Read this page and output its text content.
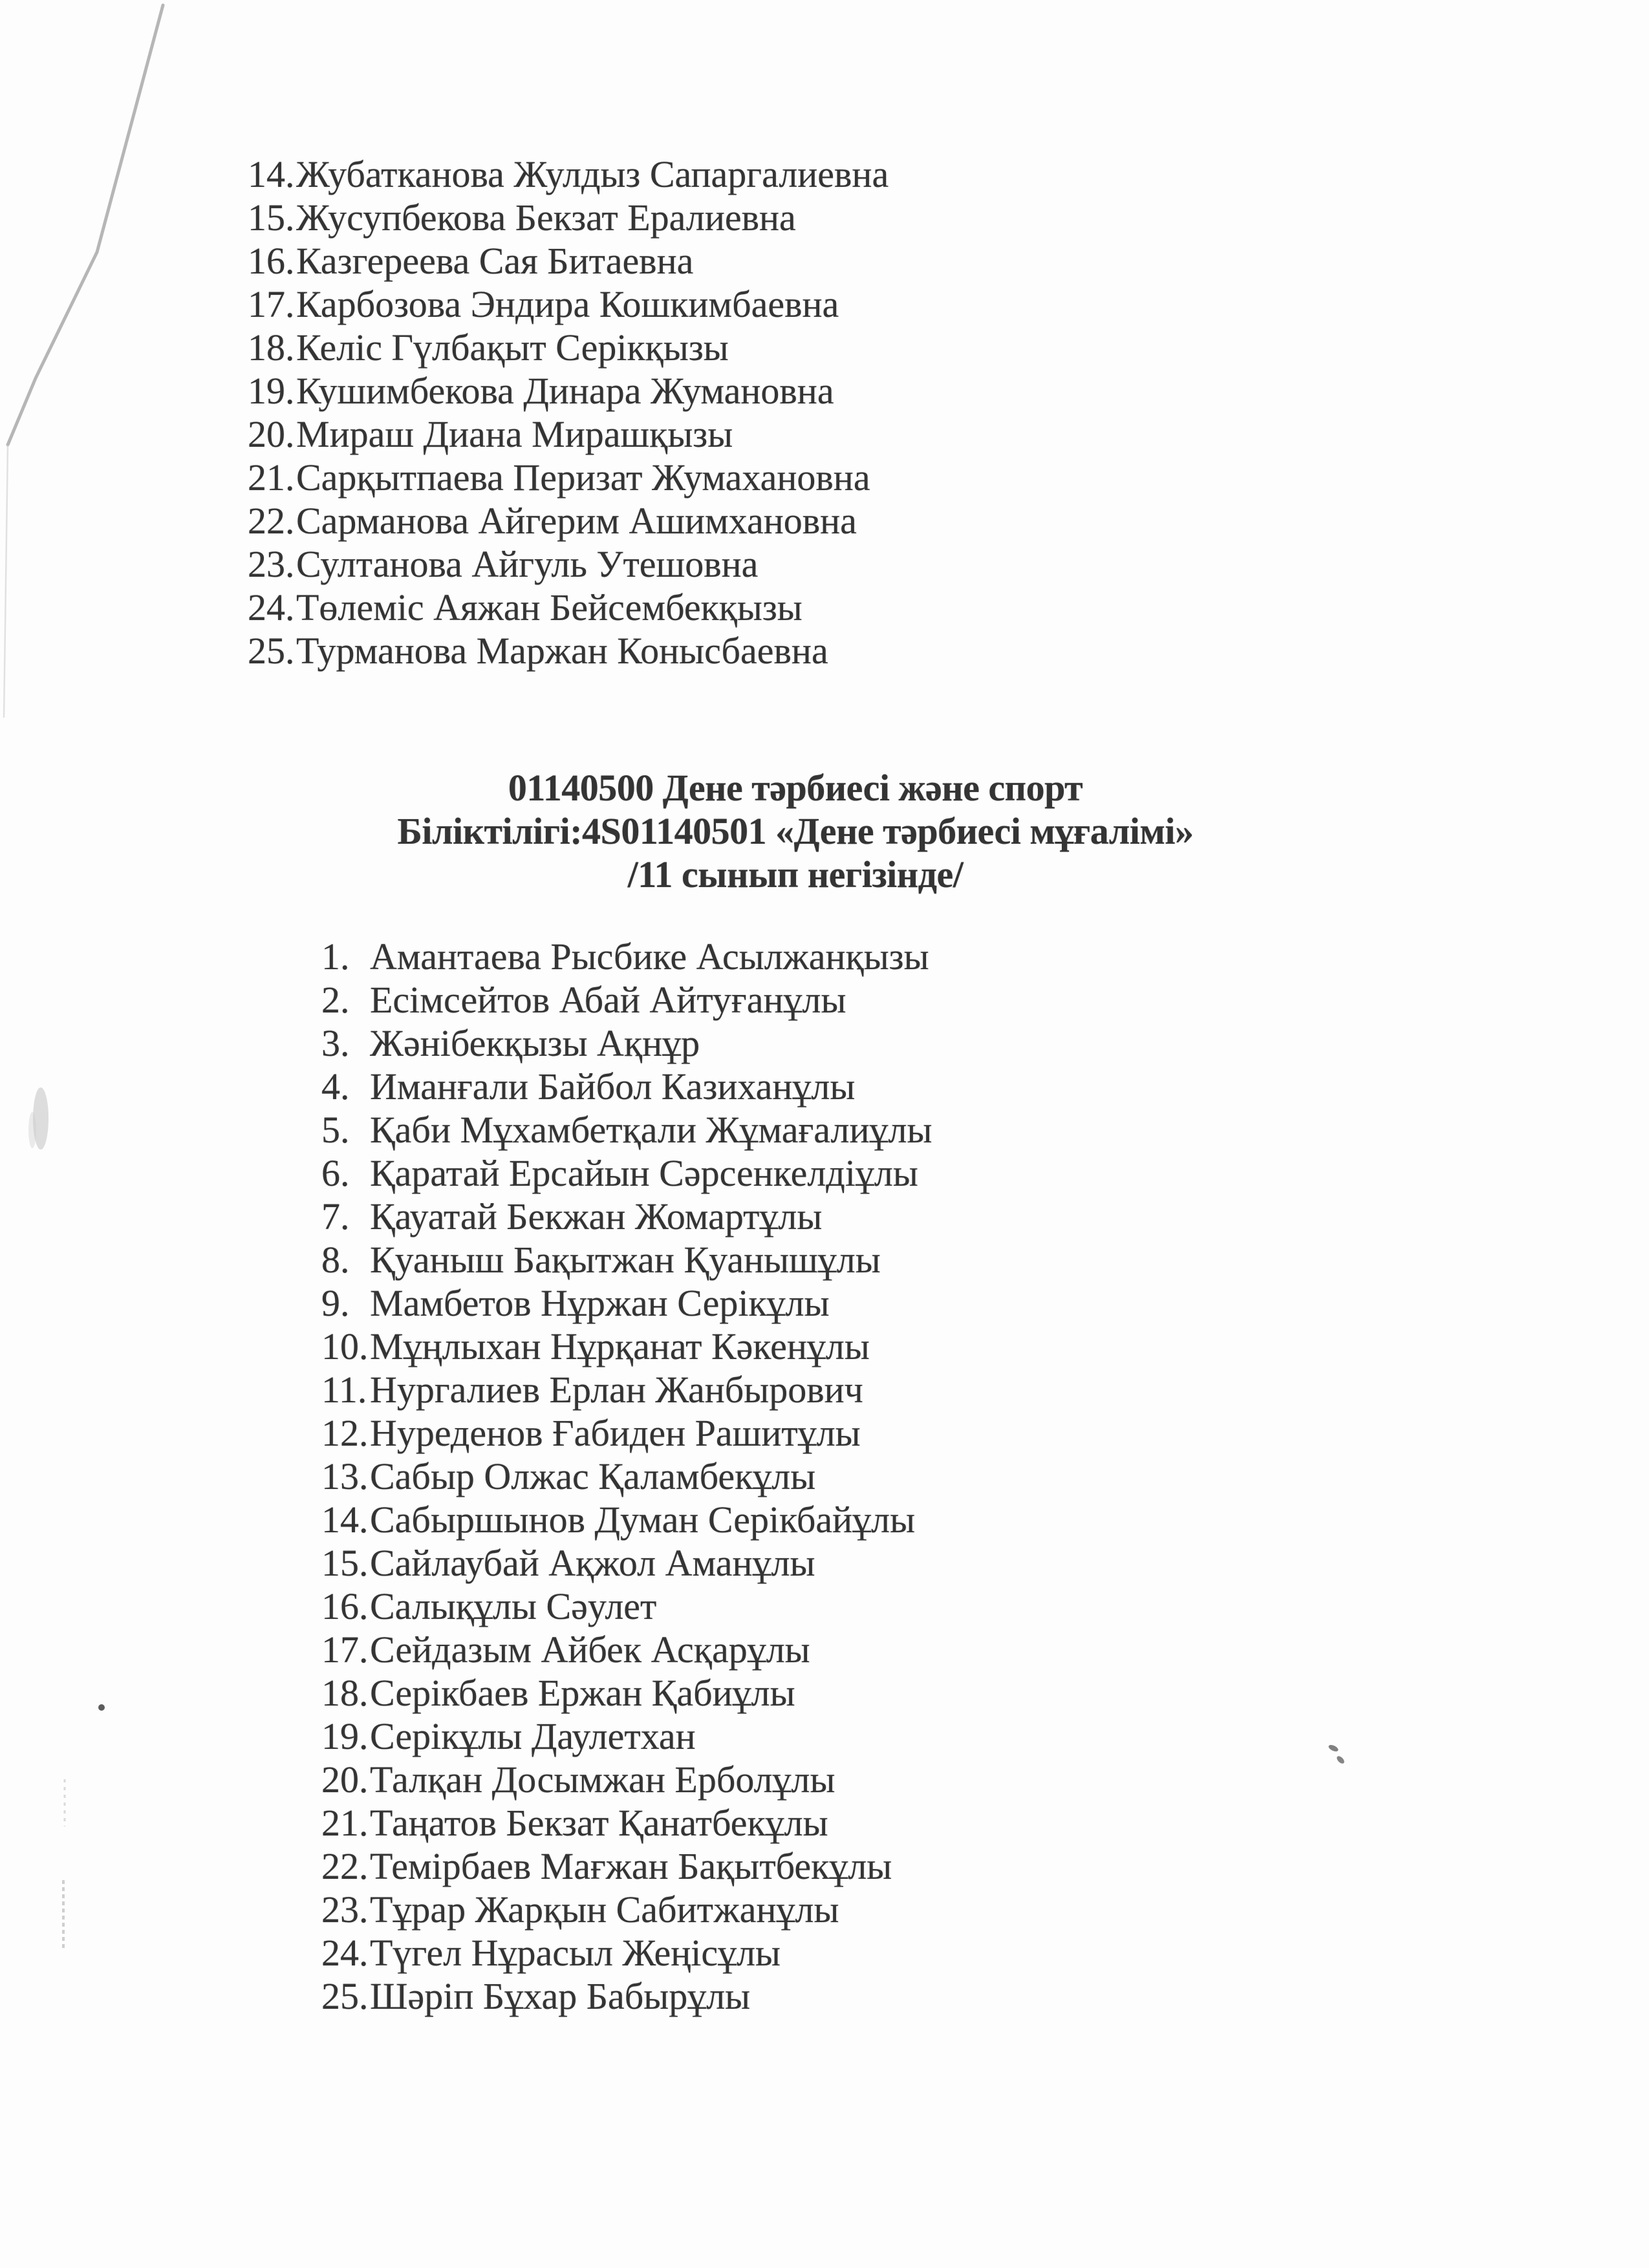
14.Жубатканова Жулдыз Сапаргалиевна
15.Жусупбекова Бекзат Ералиевна
16.Казгереева Сая Битаевна
17.Карбозова Эндира Кошкимбаевна
18.Келіс Гүлбақыт Серікқызы
19.Кушимбекова Динара Жумановна
20.Мираш Диана Мирашқызы
21.Сарқытпаева Перизат Жумахановна
22.Сарманова Айгерим Ашимхановна
23.Султанова Айгуль Утешовна
24.Төлеміс Аяжан Бейсембекқызы
25.Турманова Маржан Конысбаевна
01140500 Дене тәрбиесі және спорт
Біліктілігі:4S01140501 «Дене тәрбиесі мұғалімі»
/11 сынып негізінде/
1. Амантаева Рысбике Асылжанқызы
2. Есімсейтов Абай Айтуғанұлы
3. Жәнібекқызы Ақнұр
4. Иманғали Байбол Казиханұлы
5. Қаби Мұхамбетқали Жұмағалиұлы
6. Қаратай Ерсайын Сәрсенкелдіұлы
7. Қауатай Бекжан Жомартұлы
8. Қуаныш Бақытжан Қуанышұлы
9. Мамбетов Нұржан Серікұлы
10.Мұңлыхан Нұрқанат Кәкенұлы
11.Нургалиев Ерлан Жанбырович
12.Нуреденов Ғабиден Рашитұлы
13.Сабыр Олжас Қаламбекұлы
14.Сабыршынов Думан Серікбайұлы
15.Сайлаубай Ақжол Аманұлы
16.Салықұлы Сәулет
17.Сейдазым Айбек Асқарұлы
18.Серікбаев Ержан Қабиұлы
19.Серікұлы Даулетхан
20.Талқан Досымжан Ерболұлы
21.Таңатов Бекзат Қанатбекұлы
22.Темірбаев Мағжан Бақытбекұлы
23.Тұрар Жарқын Сабитжанұлы
24.Түгел Нұрасыл Жеңісұлы
25.Шәріп Бұхар Бабырұлы
